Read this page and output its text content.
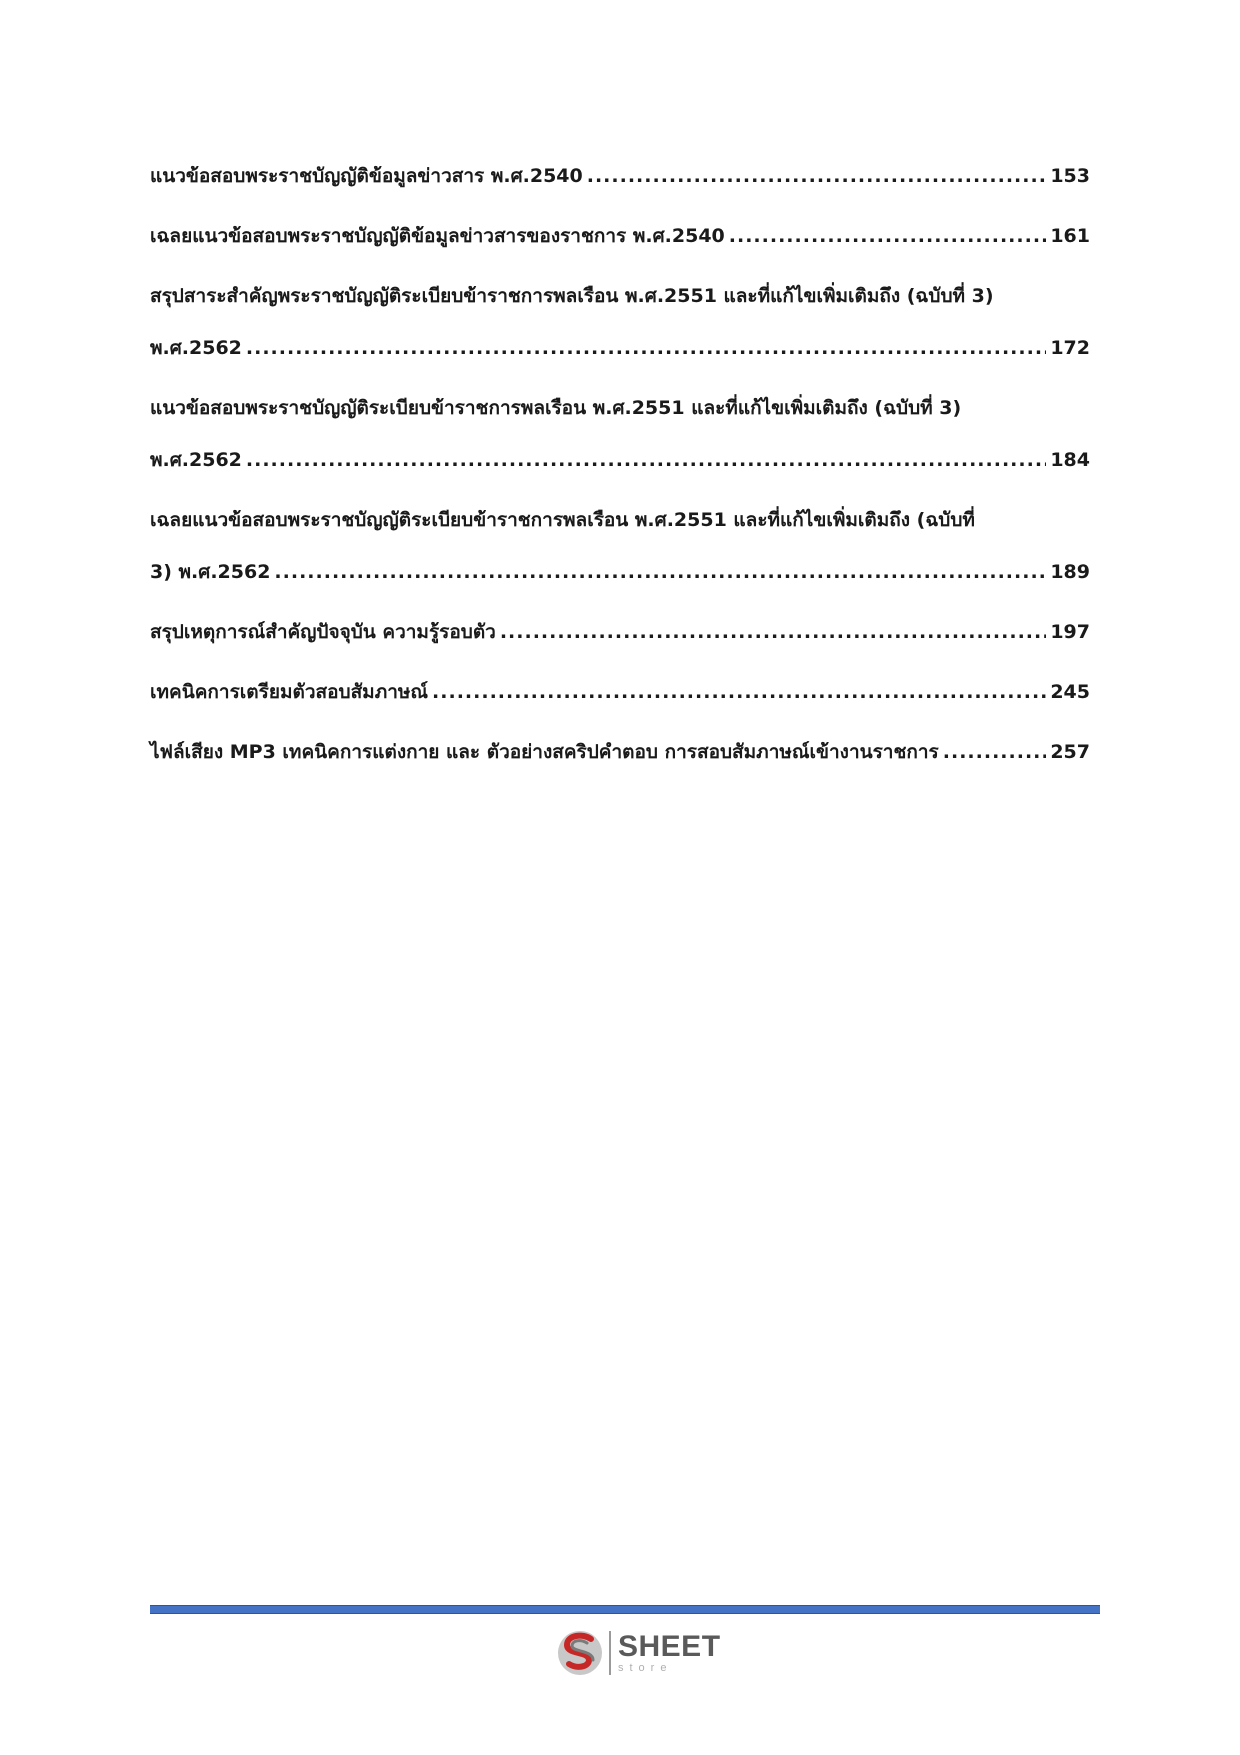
แนวข้อสอบพระราชบัญญัติข้อมูลข่าวสาร พ.ศ.2540 .....	153
เฉลยแนวข้อสอบพระราชบัญญัติข้อมูลข่าวสารของราชการ พ.ศ.2540 .....	161
สรุปสาระสำคัญพระราชบัญญัติระเบียบข้าราชการพลเรือน พ.ศ.2551 และที่แก้ไขเพิ่มเติมถึง (ฉบับที่ 3)
พ.ศ.2562 .....	172
แนวข้อสอบพระราชบัญญัติระเบียบข้าราชการพลเรือน พ.ศ.2551 และที่แก้ไขเพิ่มเติมถึง (ฉบับที่ 3)
พ.ศ.2562 .....	184
เฉลยแนวข้อสอบพระราชบัญญัติระเบียบข้าราชการพลเรือน พ.ศ.2551 และที่แก้ไขเพิ่มเติมถึง (ฉบับที่
3) พ.ศ.2562 .....	189
สรุปเหตุการณ์สำคัญปัจจุบัน ความรู้รอบตัว .....	197
เทคนิคการเตรียมตัวสอบสัมภาษณ์ .....	245
ไฟล์เสียง MP3 เทคนิคการแต่งกาย และ ตัวอย่างสคริปคำตอบ การสอบสัมภาษณ์เข้างานราชการ .....	257
SHEET
store
